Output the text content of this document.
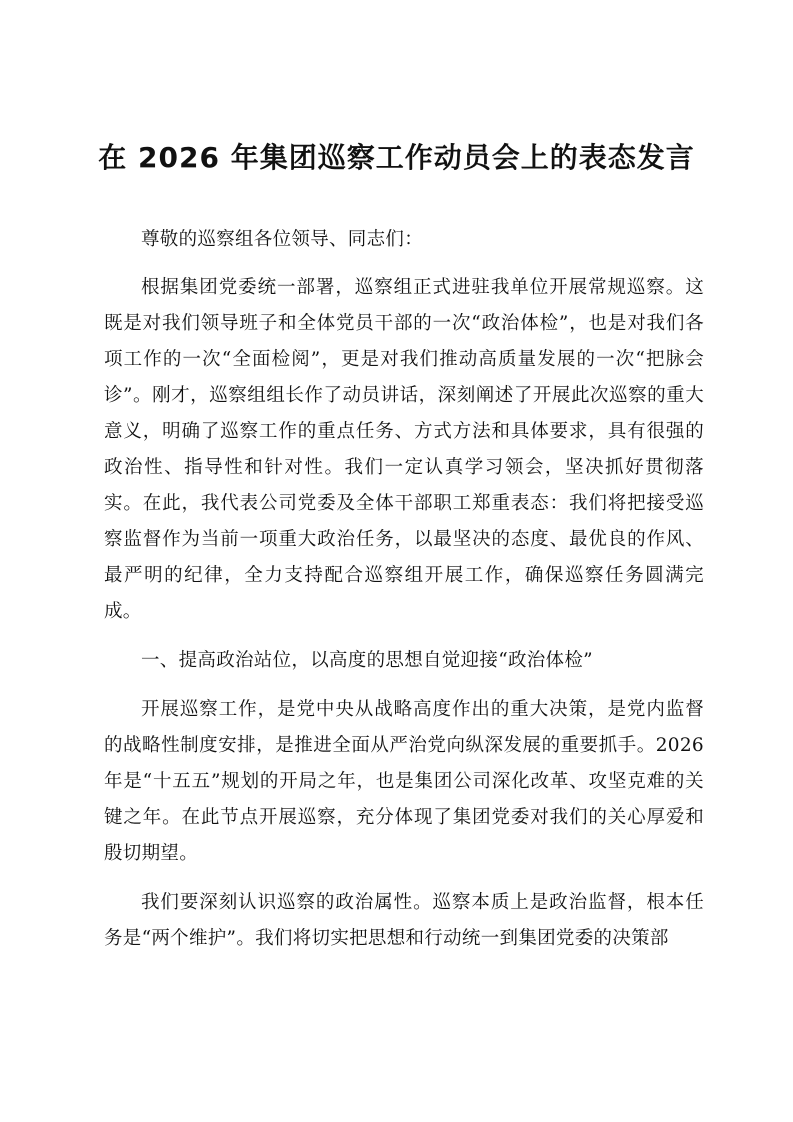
在 2026 年集团巡察工作动员会上的表态发言

尊敬的巡察组各位领导、同志们：

根据集团党委统一部署，巡察组正式进驻我单位开展常规巡察。这既是对我们领导班子和全体党员干部的一次“政治体检”，也是对我们各项工作的一次“全面检阅”，更是对我们推动高质量发展的一次“把脉会诊”。刚才，巡察组组长作了动员讲话，深刻阐述了开展此次巡察的重大意义，明确了巡察工作的重点任务、方式方法和具体要求，具有很强的政治性、指导性和针对性。我们一定认真学习领会，坚决抓好贯彻落实。在此，我代表公司党委及全体干部职工郑重表态：我们将把接受巡察监督作为当前一项重大政治任务，以最坚决的态度、最优良的作风、最严明的纪律，全力支持配合巡察组开展工作，确保巡察任务圆满完成。

一、提高政治站位，以高度的思想自觉迎接“政治体检”

开展巡察工作，是党中央从战略高度作出的重大决策，是党内监督的战略性制度安排，是推进全面从严治党向纵深发展的重要抓手。2026年是“十五五”规划的开局之年，也是集团公司深化改革、攻坚克难的关键之年。在此节点开展巡察，充分体现了集团党委对我们的关心厚爱和殷切期望。

我们要深刻认识巡察的政治属性。巡察本质上是政治监督，根本任务是“两个维护”。我们将切实把思想和行动统一到集团党委的决策部
